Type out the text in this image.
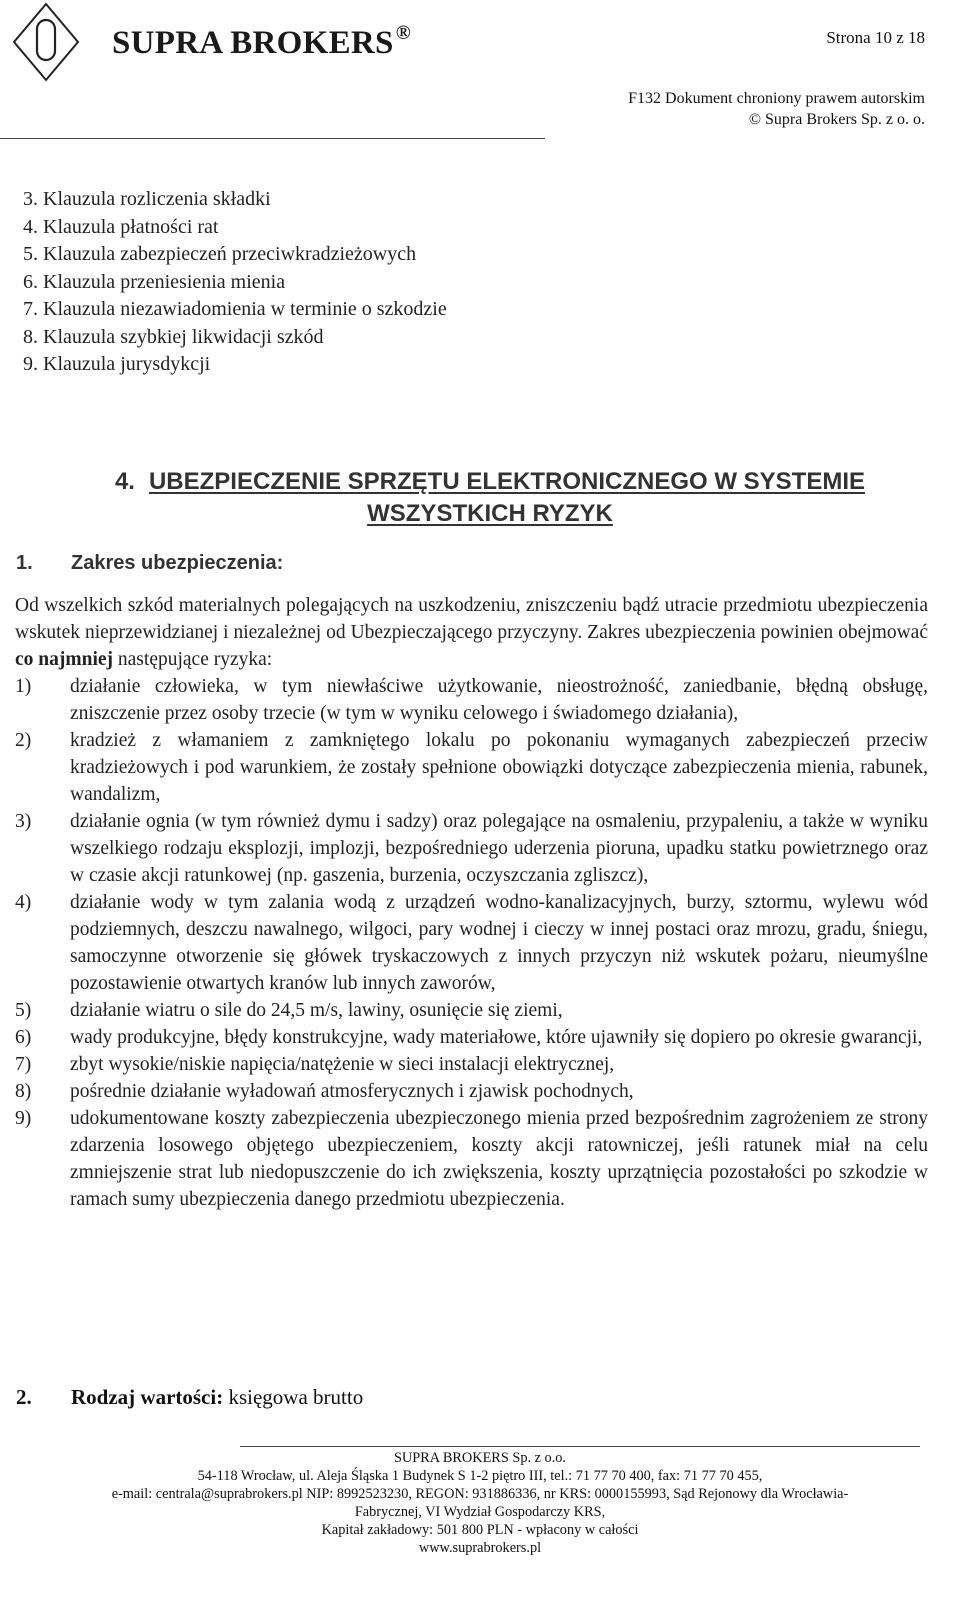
SUPRA BROKERS ®	Strona 10 z 18
F132 Dokument chroniony prawem autorskim
© Supra Brokers Sp. z o. o.
3. Klauzula rozliczenia składki
4. Klauzula płatności rat
5. Klauzula zabezpieczeń przeciwkradzieżowych
6. Klauzula przeniesienia mienia
7. Klauzula niezawiadomienia w terminie o szkodzie
8. Klauzula szybkiej likwidacji szkód
9. Klauzula jurysdykcji
4. UBEZPIECZENIE SPRZĘTU ELEKTRONICZNEGO W SYSTEMIE
WSZYSTKICH RYZYK
1. Zakres ubezpieczenia:

Od wszelkich szkód materialnych polegających na uszkodzeniu, zniszczeniu bądź utracie przedmiotu ubezpieczenia wskutek nieprzewidzianej i niezależnej od Ubezpieczającego przyczyny. Zakres ubezpieczenia powinien obejmować co najmniej następujące ryzyka:

1) działanie człowieka, w tym niewłaściwe użytkowanie, nieostrożność, zaniedbanie, błędną obsługę, zniszczenie przez osoby trzecie (w tym w wyniku celowego i świadomego działania),
2) kradzież z włamaniem z zamkniętego lokalu po pokonaniu wymaganych zabezpieczeń przeciw kradzieżowych i pod warunkiem, że zostały spełnione obowiązki dotyczące zabezpieczenia mienia, rabunek, wandalizm,
3) działanie ognia (w tym również dymu i sadzy) oraz polegające na osmaleniu, przypaleniu, a także w wyniku wszelkiego rodzaju eksplozji, implozji, bezpośredniego uderzenia pioruna, upadku statku powietrznego oraz w czasie akcji ratunkowej (np. gaszenia, burzenia, oczyszczania zgliszcz),
4) działanie wody w tym zalania wodą z urządzeń wodno-kanalizacyjnych, burzy, sztormu, wylewu wód podziemnych, deszczu nawalnego, wilgoci, pary wodnej i cieczy w innej postaci oraz mrozu, gradu, śniegu, samoczynne otworzenie się główek tryskaczowych z innych przyczyn niż wskutek pożaru, nieumyślne pozostawienie otwartych kranów lub innych zaworów,
5) działanie wiatru o sile do 24,5 m/s, lawiny, osunięcie się ziemi,
6) wady produkcyjne, błędy konstrukcyjne, wady materiałowe, które ujawniły się dopiero po okresie gwarancji,
7) zbyt wysokie/niskie napięcia/natężenie w sieci instalacji elektrycznej,
8) pośrednie działanie wyładowań atmosferycznych i zjawisk pochodnych,
9) udokumentowane koszty zabezpieczenia ubezpieczonego mienia przed bezpośrednim zagrożeniem ze strony zdarzenia losowego objętego ubezpieczeniem, koszty akcji ratowniczej, jeśli ratunek miał na celu zmniejszenie strat lub niedopuszczenie do ich zwiększenia, koszty uprzątnięcia pozostałości po szkodzie w ramach sumy ubezpieczenia danego przedmiotu ubezpieczenia.
2. Rodzaj wartości: księgowa brutto
SUPRA BROKERS Sp. z o.o.
54-118 Wrocław, ul. Aleja Śląska 1 Budynek S 1-2 piętro III, tel.: 71 77 70 400, fax: 71 77 70 455,
e-mail: centrala@suprabrokers.pl NIP: 8992523230, REGON: 931886336, nr KRS: 0000155993, Sąd Rejonowy dla Wrocławia-
Fabrycznej, VI Wydział Gospodarczy KRS,
Kapitał zakładowy: 501 800 PLN - wpłacony w całości
www.suprabrokers.pl
